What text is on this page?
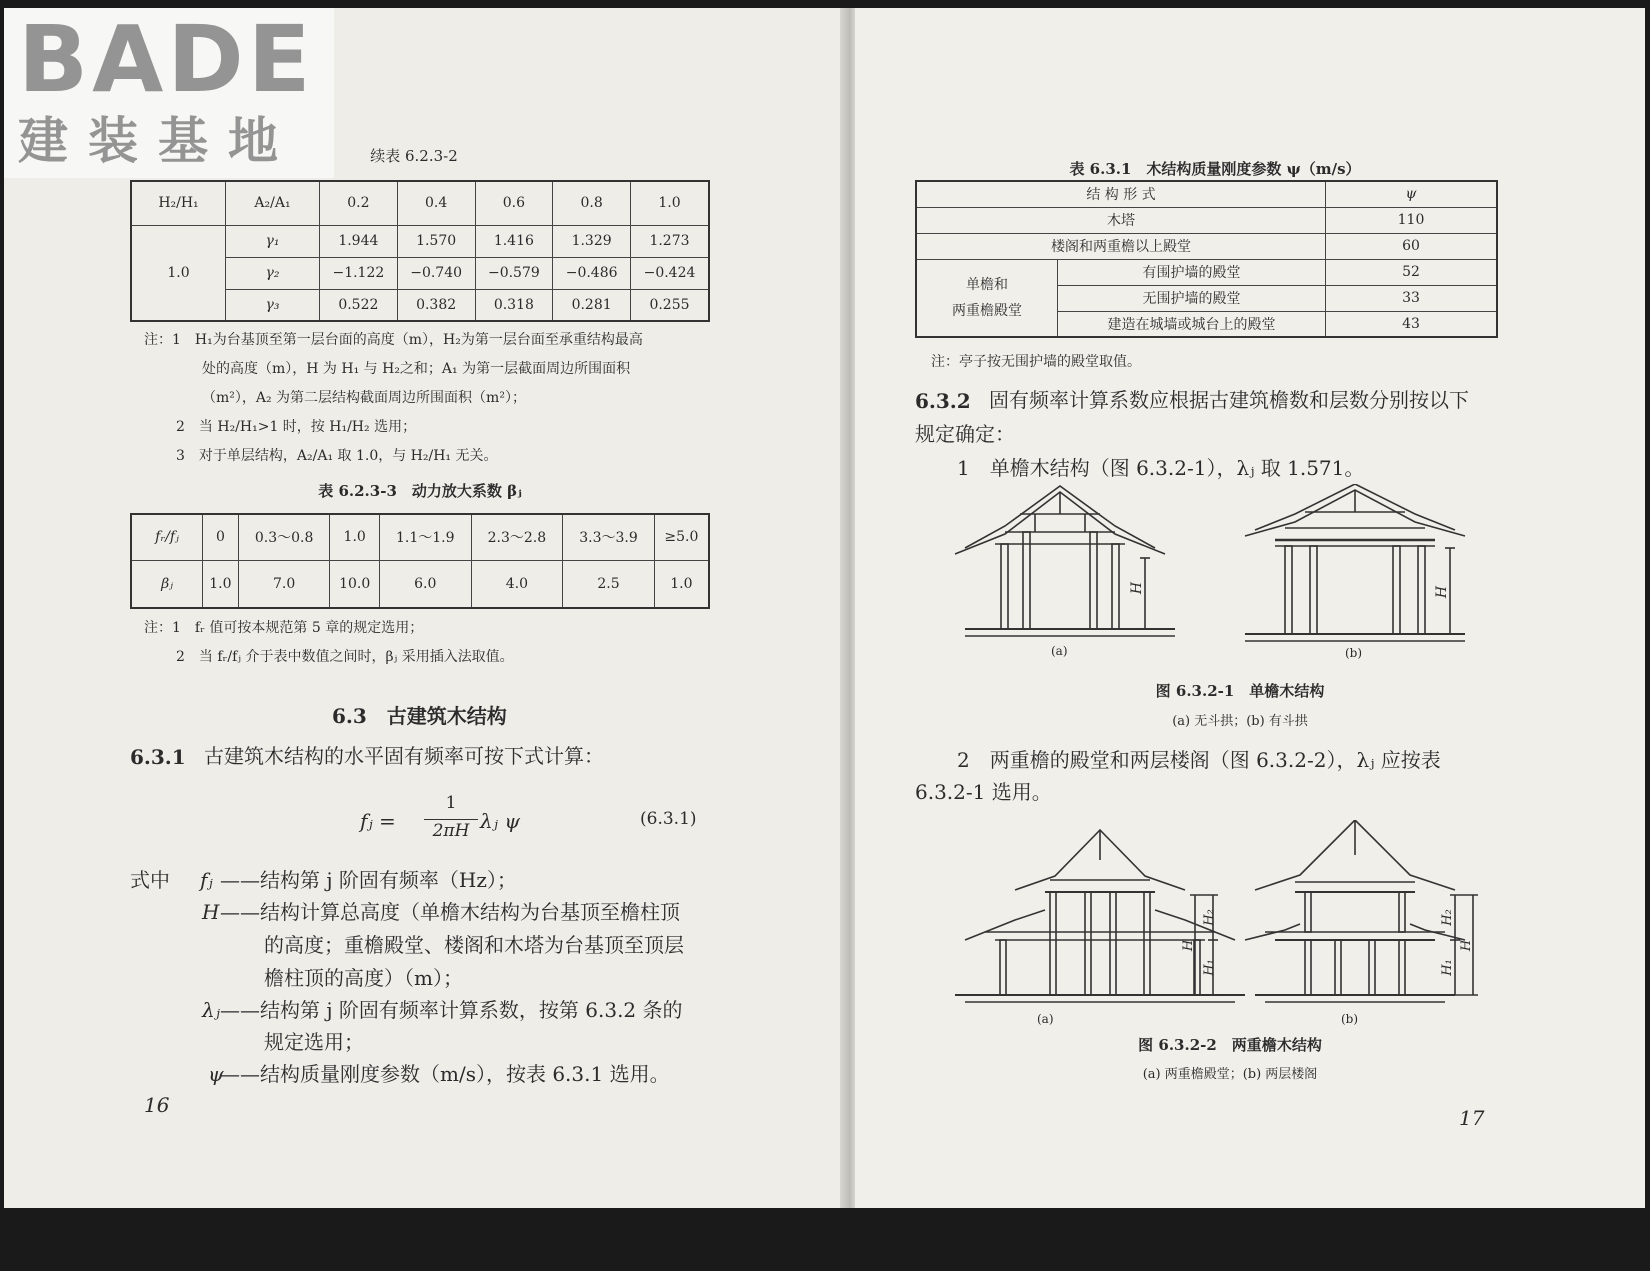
BADE
建装基地	续表 6.2.3-2
H₂/H₁	A₂/A₁	0.2	0.4	0.6	0.8	1.0
1.0	γ₁	1.944	1.570	1.416	1.329	1.273
	γ₂	−1.122	−0.740	−0.579	−0.486	−0.424
	γ₃	0.522	0.382	0.318	0.281	0.255
注：1　H₁为台基顶至第一层台面的高度（m），H₂为第一层台面至承重结构最高
处的高度（m），H 为 H₁ 与 H₂之和；A₁ 为第一层截面周边所围面积
（m²），A₂ 为第二层结构截面周边所围面积（m²）；
2　当 H₂/H₁>1 时，按 H₁/H₂ 选用；
3　对于单层结构，A₂/A₁ 取 1.0，与 H₂/H₁ 无关。
表 6.2.3-3　动力放大系数 βⱼ
fᵣ/fⱼ	0	0.3～0.8	1.0	1.1～1.9	2.3～2.8	3.3～3.9	≥5.0
βⱼ	1.0	7.0	10.0	6.0	4.0	2.5	1.0
注：1　fᵣ 值可按本规范第 5 章的规定选用；
2　当 fᵣ/fⱼ 介于表中数值之间时，βⱼ 采用插入法取值。
6.3　古建筑木结构
6.3.1 古建筑木结构的水平固有频率可按下式计算：
fⱼ =
1
2πH λⱼ ψ	(6.3.1)
式中 fⱼ ——结构第 j 阶固有频率（Hz）；
H ——结构计算总高度（单檐木结构为台基顶至檐柱顶
的高度；重檐殿堂、楼阁和木塔为台基顶至顶层
檐柱顶的高度）（m）；
λⱼ ——结构第 j 阶固有频率计算系数，按第 6.3.2 条的
规定选用；
ψ
——结构质量刚度参数（m/s），按表 6.3.1 选用。
16
表 6.3.1　木结构质量刚度参数 ψ（m/s）
结 构 形 式		ψ
木塔		110
楼阁和两重檐以上殿堂		60
单檐和
两重檐殿堂	有围护墙的殿堂	52
	无围护墙的殿堂	33
	建造在城墙或城台上的殿堂	43
注：亭子按无围护墙的殿堂取值。
6.3.2 固有频率计算系数应根据古建筑檐数和层数分别按以下
规定确定：
1　单檐木结构（图 6.3.2-1），λⱼ 取 1.571。
H	H
(a)	(b)
图 6.3.2-1　单檐木结构
(a) 无斗拱；(b) 有斗拱
2　两重檐的殿堂和两层楼阁（图 6.3.2-2），λⱼ 应按表
6.3.2-1 选用。
H
H₁
H₂
H₁
H₂
H
(a)	(b)
图 6.3.2-2　两重檐木结构
(a) 两重檐殿堂；(b) 两层楼阁
17
